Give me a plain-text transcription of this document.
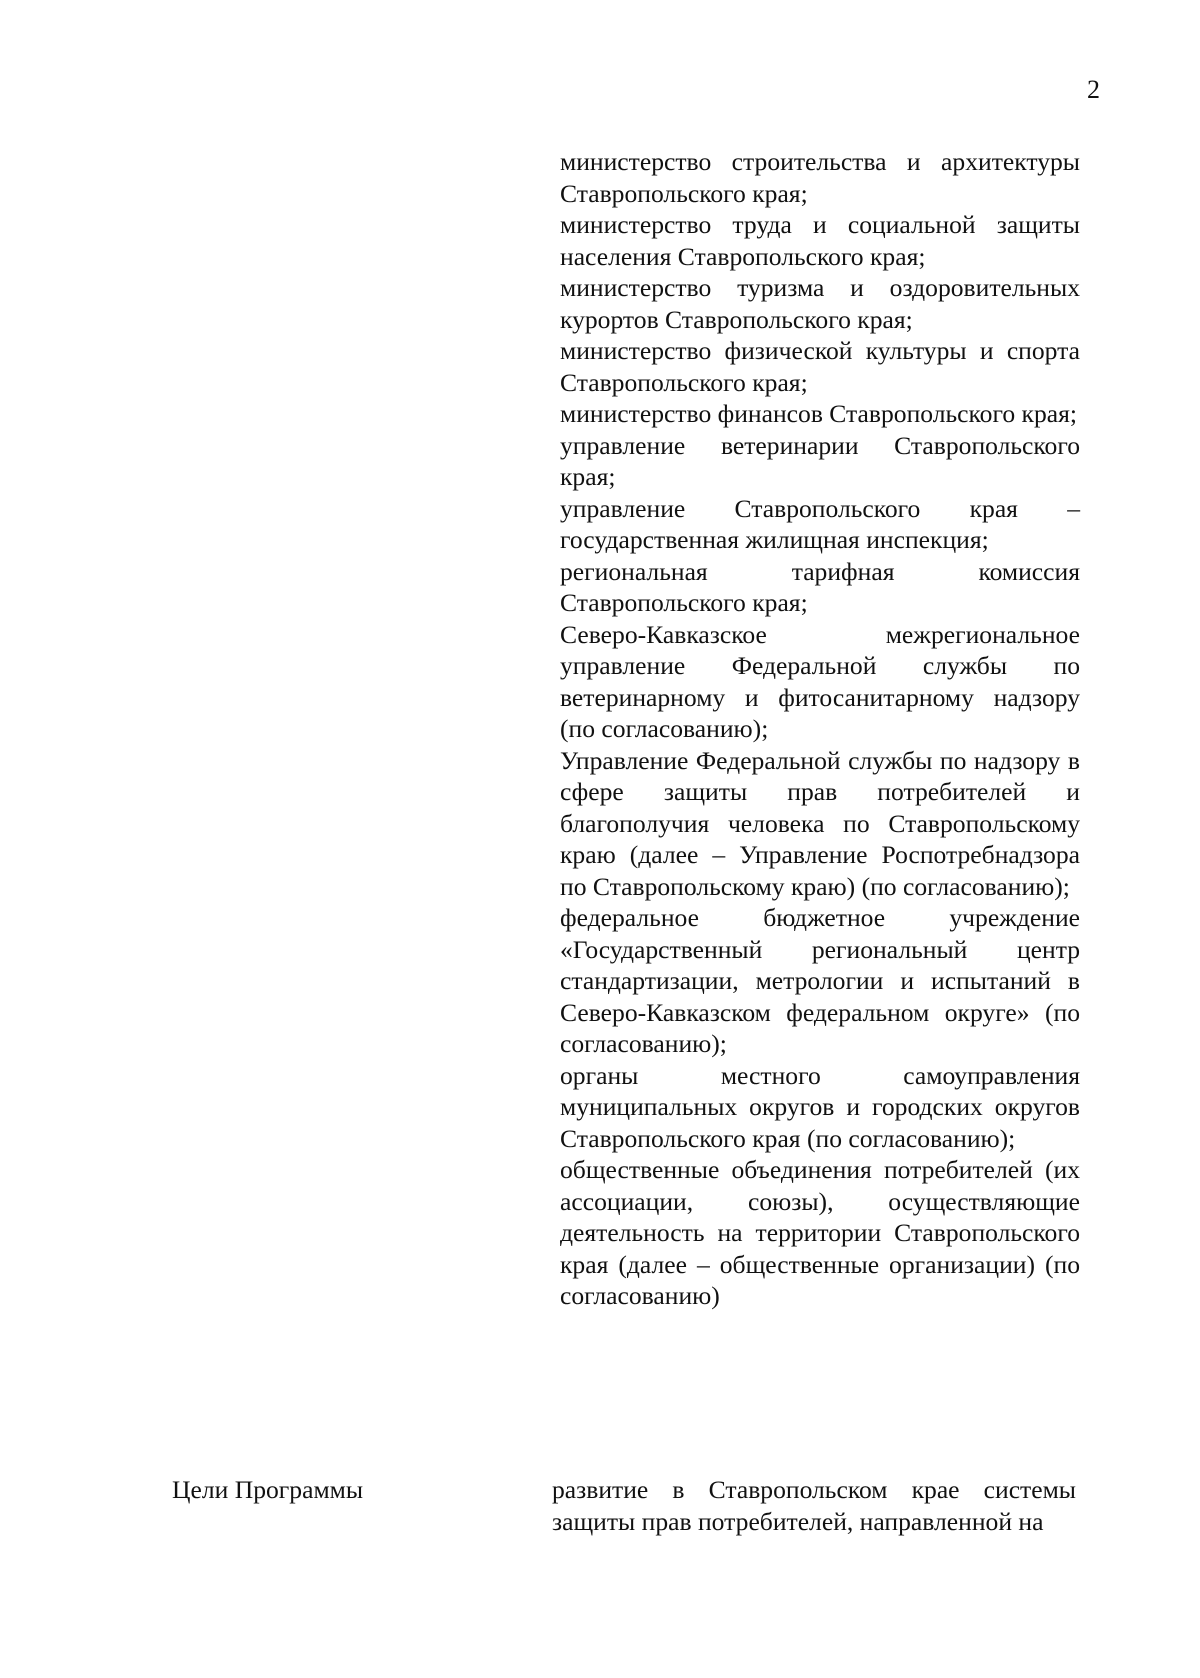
2
министерство строительства и архитектуры Ставропольского края;
министерство труда и социальной защиты населения Ставропольского края;
министерство туризма и оздоровительных курортов Ставропольского края;
министерство физической культуры и спорта Ставропольского края;
министерство финансов Ставропольского края;
управление ветеринарии Ставропольского края;
управление Ставропольского края – государственная жилищная инспекция;
региональная тарифная комиссия Ставропольского края;
Северо-Кавказское межрегиональное управление Федеральной службы по ветеринарному и фитосанитарному надзору (по согласованию);
Управление Федеральной службы по надзору в сфере защиты прав потребителей и благополучия человека по Ставропольскому краю (далее – Управление Роспотребнадзора по Ставропольскому краю) (по согласованию);
федеральное бюджетное учреждение «Государственный региональный центр стандартизации, метрологии и испытаний в Северо-Кавказском федеральном округе» (по согласованию);
органы местного самоуправления муниципальных округов и городских округов Ставропольского края (по согласованию);
общественные объединения потребителей (их ассоциации, союзы), осуществляющие деятельность на территории Ставропольского края (далее – общественные организации) (по согласованию)
Цели Программы	развитие в Ставропольском крае системы защиты прав потребителей, направленной на
